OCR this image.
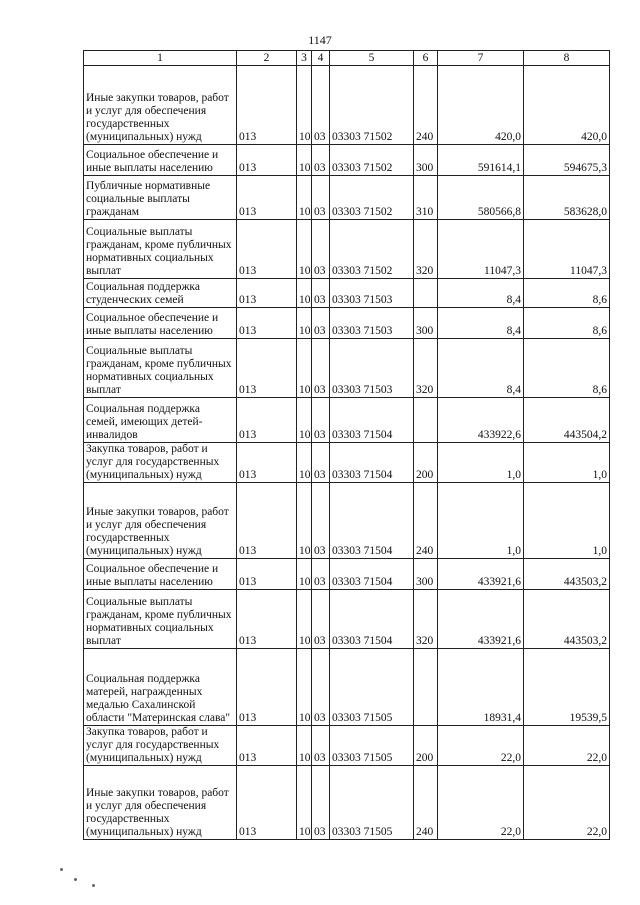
1147
1	2	3	4	5	6	7	8
Иные закупки товаров, работ и услуг для обеспечения государственных (муниципальных) нужд	013	10	03	03303 71502	240	420,0	420,0
Социальное обеспечение и иные выплаты населению	013	10	03	03303 71502	300	591614,1	594675,3
Публичные нормативные социальные выплаты гражданам	013	10	03	03303 71502	310	580566,8	583628,0
Социальные выплаты гражданам, кроме публичных нормативных социальных выплат	013	10	03	03303 71502	320	11047,3	11047,3
Социальная поддержка студенческих семей	013	10	03	03303 71503		8,4	8,6
Социальное обеспечение и иные выплаты населению	013	10	03	03303 71503	300	8,4	8,6
Социальные выплаты гражданам, кроме публичных нормативных социальных выплат	013	10	03	03303 71503	320	8,4	8,6
Социальная поддержка семей, имеющих детей-инвалидов	013	10	03	03303 71504		433922,6	443504,2
Закупка товаров, работ и услуг для государственных (муниципальных) нужд	013	10	03	03303 71504	200	1,0	1,0
Иные закупки товаров, работ и услуг для обеспечения государственных (муниципальных) нужд	013	10	03	03303 71504	240	1,0	1,0
Социальное обеспечение и иные выплаты населению	013	10	03	03303 71504	300	433921,6	443503,2
Социальные выплаты гражданам, кроме публичных нормативных социальных выплат	013	10	03	03303 71504	320	433921,6	443503,2
Социальная поддержка матерей, награжденных медалью Сахалинской области "Материнская слава"	013	10	03	03303 71505		18931,4	19539,5
Закупка товаров, работ и услуг для государственных (муниципальных) нужд	013	10	03	03303 71505	200	22,0	22,0
Иные закупки товаров, работ и услуг для обеспечения государственных (муниципальных) нужд	013	10	03	03303 71505	240	22,0	22,0
